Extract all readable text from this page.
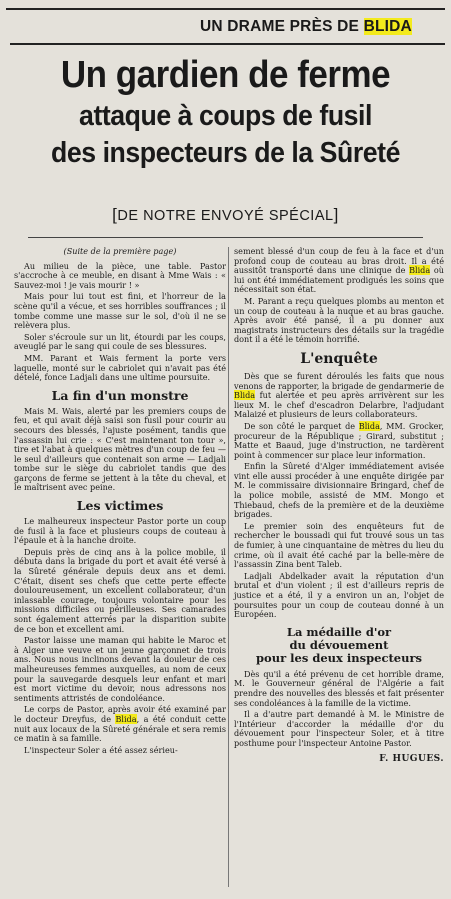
UN DRAME PRÈS DE BLIDA
Un gardien de ferme
attaque à coups de fusil
des inspecteurs de la Sûreté
[DE NOTRE ENVOYÉ SPÉCIAL]

(Suite de la première page)

Au milieu de la pièce, une table. Pastor s'accroche à ce meuble, en disant à Mme Wais : « Sauvez-moi ! je vais mourir ! »

Mais pour lui tout est fini, et l'horreur de la scène qu'il a vécue, et ses horribles souffrances ; il tombe comme une masse sur le sol, d'où il ne se relèvera plus.

Soler s'écroule sur un lit, étourdi par les coups, aveuglé par le sang qui coule de ses blessures.

MM. Parant et Wais ferment la porte vers laquelle, monté sur le cabriolet qui n'avait pas été dételé, fonce Ladjali dans une ultime poursuite.

La fin d'un monstre

Mais M. Wais, alerté par les premiers coups de feu, et qui avait déjà saisi son fusil pour courir au secours des blessés, l'ajuste posément, tandis que l'assassin lui crie : « C'est maintenant ton tour », tire et l'abat à quelques mètres d'un coup de feu — le seul d'ailleurs que contenait son arme — Ladjali tombe sur le siège du cabriolet tandis que des garçons de ferme se jettent à la tête du cheval, et le maîtrisent avec peine.

Les victimes

Le malheureux inspecteur Pastor porte un coup de fusil à la face et plusieurs coups de couteau à l'épaule et à la hanche droite.

Depuis près de cinq ans à la police mobile, il débuta dans la brigade du port et avait été versé à la Sûreté générale depuis deux ans et demi. C'était, disent ses chefs que cette perte effecte douloureusement, un excellent collaborateur, d'un inlassable courage, toujours volontaire pour les missions difficiles ou périlleuses. Ses camarades sont également atterrés par la disparition subite de ce bon et excellent ami.

Pastor laisse une maman qui habite le Maroc et à Alger une veuve et un jeune garçonnet de trois ans. Nous nous inclinons devant la douleur de ces malheureuses femmes auxquelles, au nom de ceux pour la sauvegarde desquels leur enfant et mari est mort victime du devoir, nous adressons nos sentiments attristés de condoléance.

Le corps de Pastor, après avoir été examiné par le docteur Dreyfus, de Blida, a été conduit cette nuit aux locaux de la Sûreté générale et sera remis ce matin à sa famille.

L'inspecteur Soler a été assez sérieu-

sement blessé d'un coup de feu à la face et d'un profond coup de couteau au bras droit. Il a été aussitôt transporté dans une clinique de Blida où lui ont été immédiatement prodigués les soins que nécessitait son état.

M. Parant a reçu quelques plombs au menton et un coup de couteau à la nuque et au bras gauche. Après avoir été pansé, il a pu donner aux magistrats instructeurs des détails sur la tragédie dont il a été le témoin horrifié.

L'enquête

Dès que se furent déroulés les faits que nous venons de rapporter, la brigade de gendarmerie de Blida fut alertée et peu après arrivèrent sur les lieux M. le chef d'escadron Delarbre, l'adjudant Malaizé et plusieurs de leurs collaborateurs.

De son côté le parquet de Blida, MM. Grocker, procureur de la République ; Girard, substitut ; Matte et Baaud, juge d'instruction, ne tardèrent point à commencer sur place leur information.

Enfin la Sûreté d'Alger immédiatement avisée vint elle aussi procéder à une enquête dirigée par M. le commissaire divisionnaire Bringard, chef de la police mobile, assisté de MM. Mongo et Thiebaud, chefs de la première et de la deuxième brigades.

Le premier soin des enquêteurs fut de rechercher le boussadi qui fut trouvé sous un tas de fumier, à une cinquantaine de mètres du lieu du crime, où il avait été caché par la belle-mère de l'assassin Zina bent Taleb.

Ladjali Abdelkader avait la réputation d'un brutal et d'un violent ; il est d'ailleurs repris de justice et a été, il y a environ un an, l'objet de poursuites pour un coup de couteau donné à un Européen.

La médaille d'or
du dévouement
pour les deux inspecteurs

Dès qu'il a été prévenu de cet horrible drame, M. le Gouverneur général de l'Algérie a fait prendre des nouvelles des blessés et fait présenter ses condoléances à la famille de la victime.

Il a d'autre part demandé à M. le Ministre de l'Intérieur d'accorder la médaille d'or du dévouement pour l'inspecteur Soler, et à titre posthume pour l'inspecteur Antoine Pastor.

F. HUGUES.
